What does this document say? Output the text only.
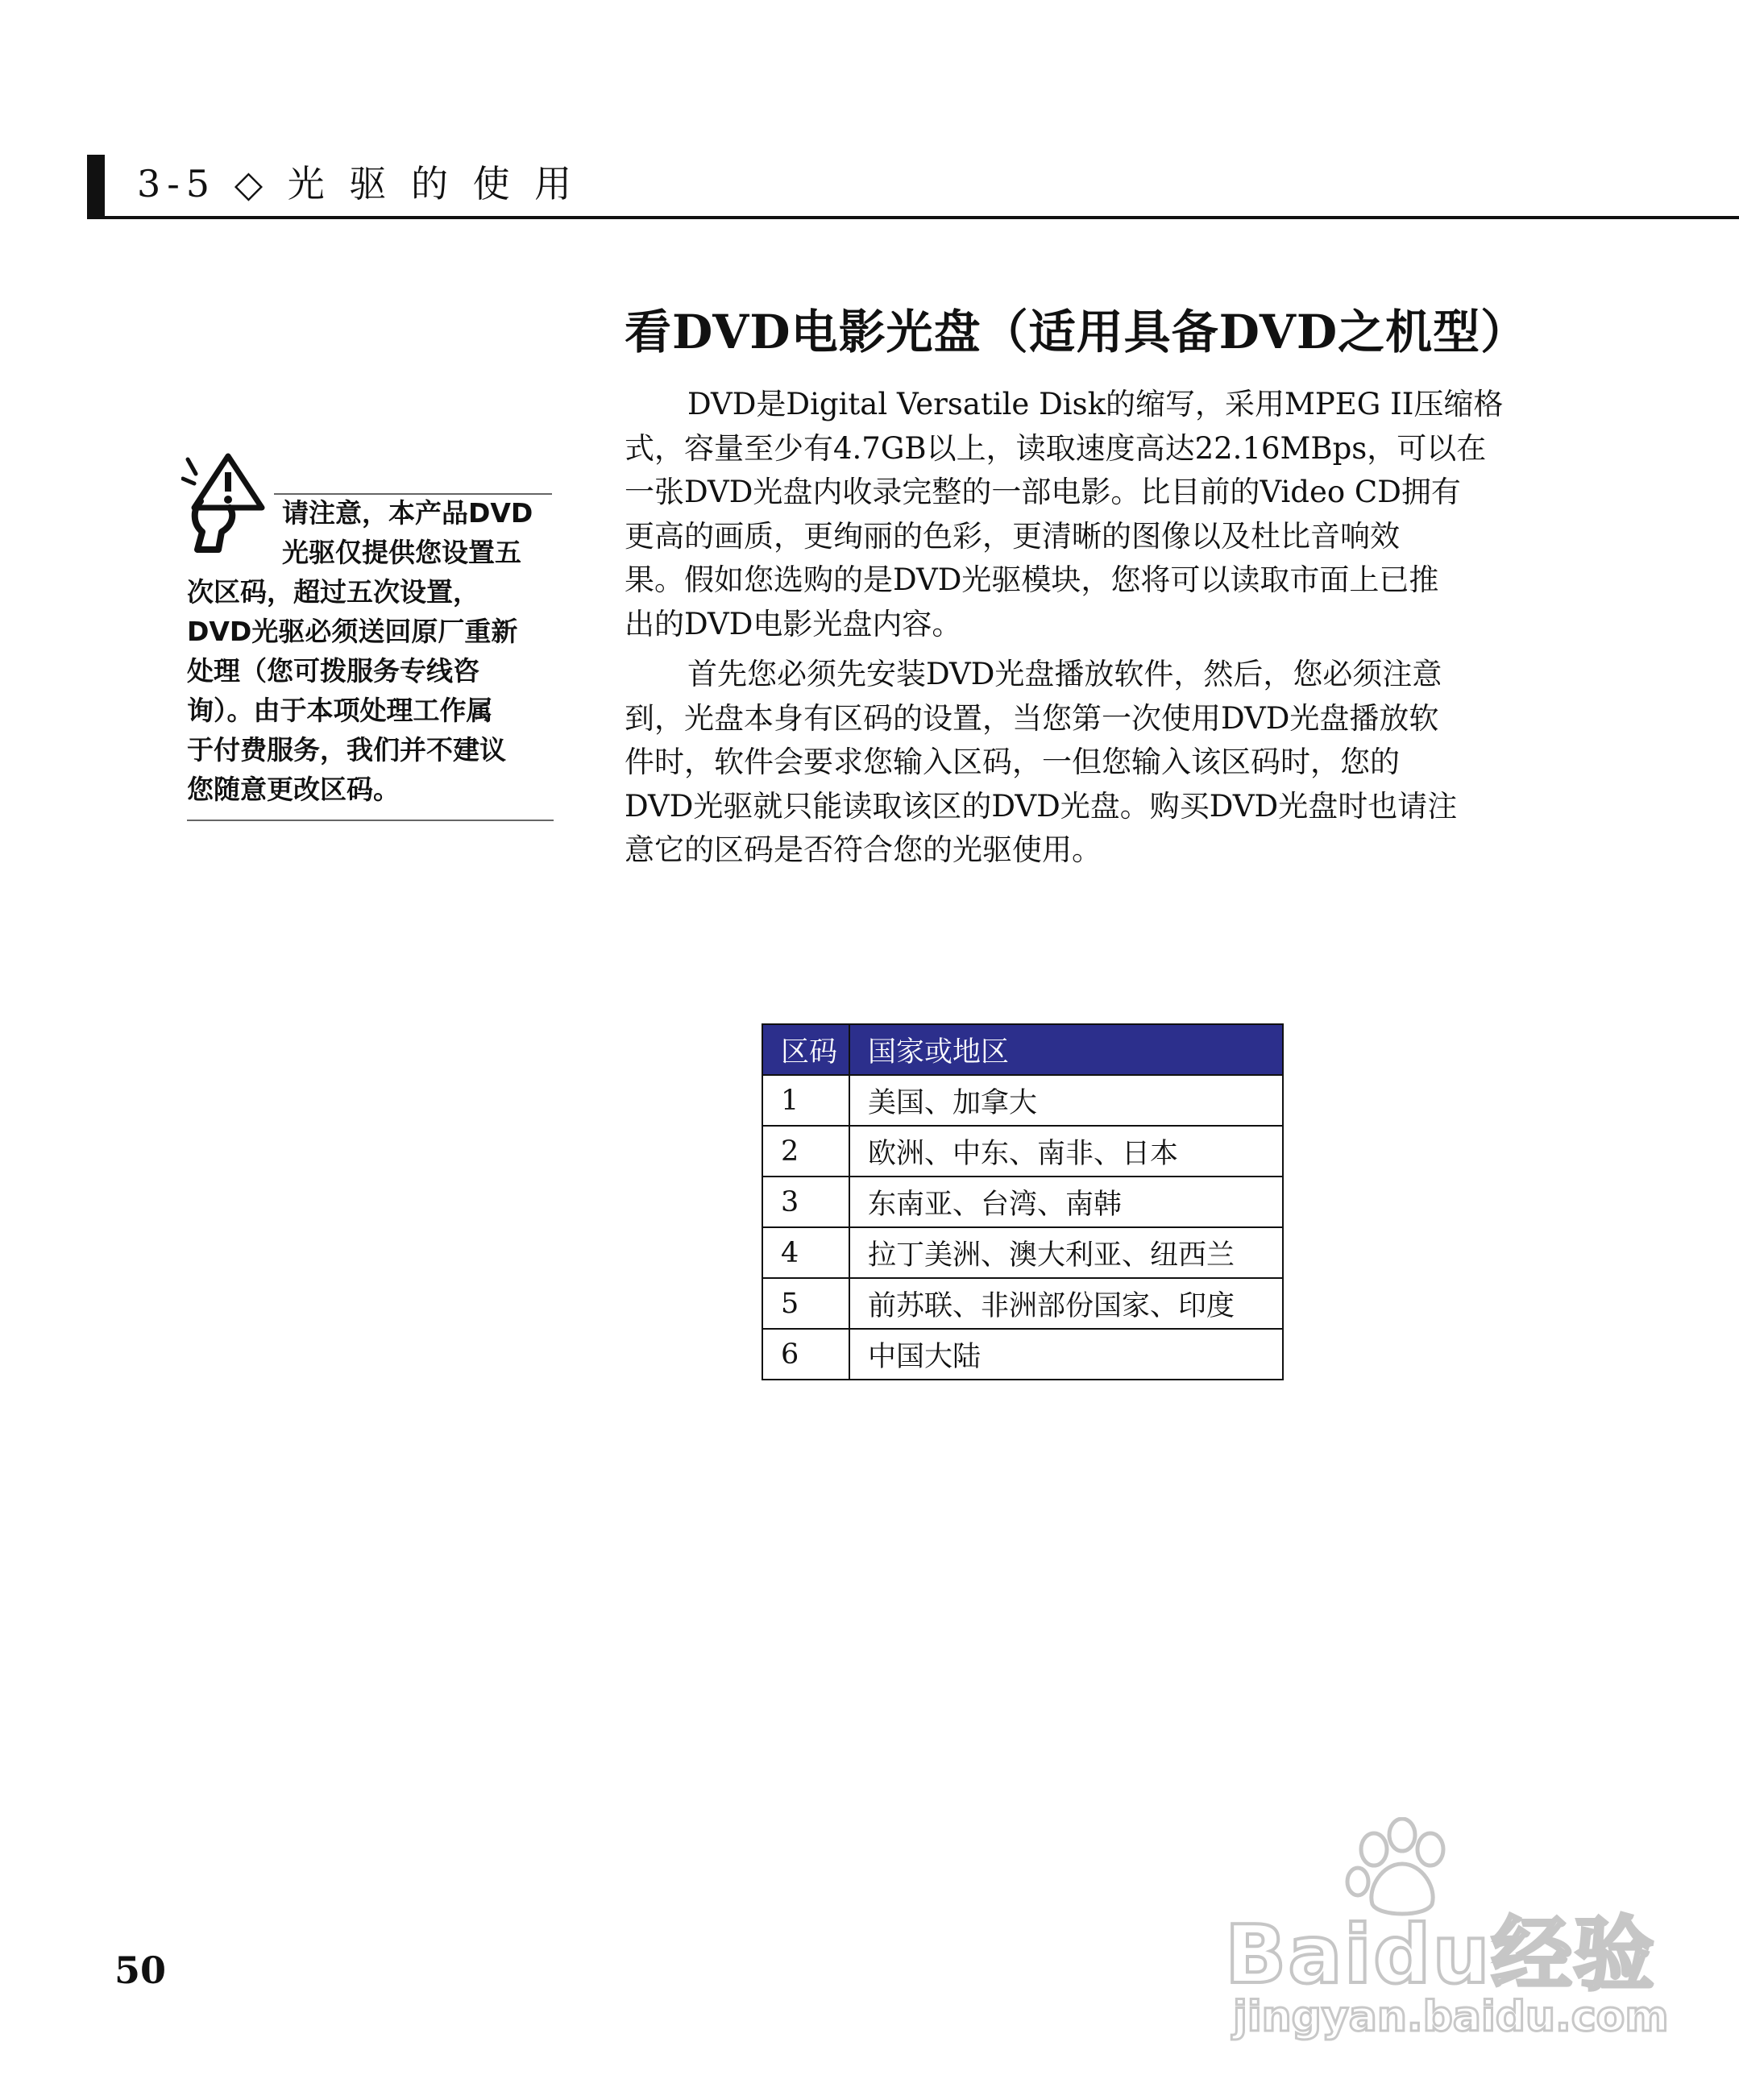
3-5 ◇ 光 驱 的 使 用
看DVD电影光盘（适用具备DVD之机型）

DVD是Digital Versatile Disk的缩写，采用MPEG II压缩格
式，容量至少有4.7GB以上，读取速度高达22.16MBps，可以在
一张DVD光盘内收录完整的一部电影。比目前的Video CD拥有
更高的画质，更绚丽的色彩，更清晰的图像以及杜比音响效
果。假如您选购的是DVD光驱模块，您将可以读取市面上已推
出的DVD电影光盘内容。

首先您必须先安装DVD光盘播放软件，然后，您必须注意
到，光盘本身有区码的设置，当您第一次使用DVD光盘播放软
件时，软件会要求您输入区码，一但您输入该区码时，您的
DVD光驱就只能读取该区的DVD光盘。购买DVD光盘时也请注
意它的区码是否符合您的光驱使用。

请注意，本产品DVD
光驱仅提供您设置五
次区码，超过五次设置，
DVD光驱必须送回原厂重新
处理（您可拨服务专线咨
询）。由于本项处理工作属
于付费服务，我们并不建议
您随意更改区码。
区码	国家或地区
1	美国、加拿大
2	欧洲、中东、南非、日本
3	东南亚、台湾、南韩
4	拉丁美洲、澳大利亚、纽西兰
5	前苏联、非洲部份国家、印度
6	中国大陆
50	Baidu经验
jingyan.baidu.com
